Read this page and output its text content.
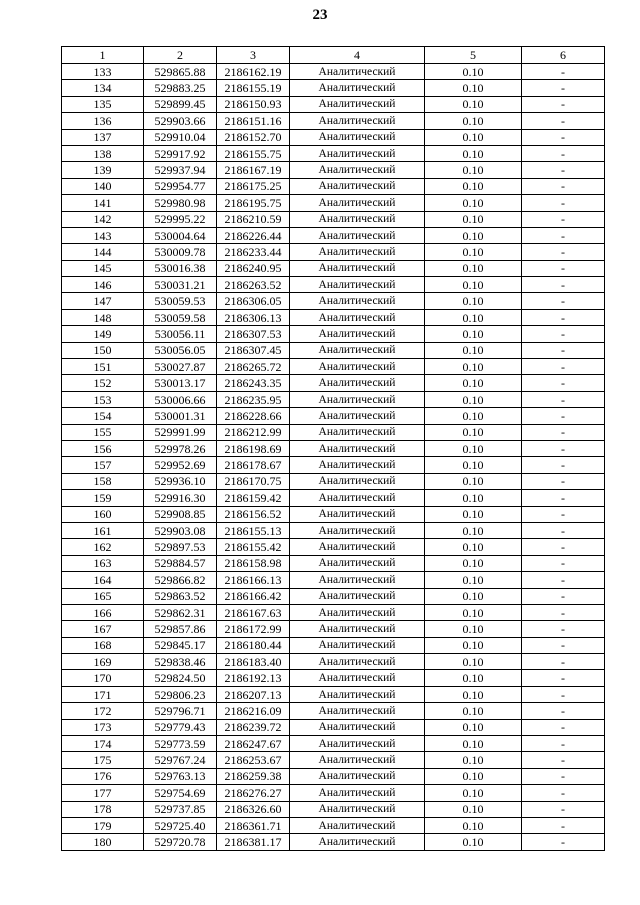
23
1	2	3	4	5	6
133	529865.88	2186162.19	Аналитический	0.10	-
134	529883.25	2186155.19	Аналитический	0.10	-
135	529899.45	2186150.93	Аналитический	0.10	-
136	529903.66	2186151.16	Аналитический	0.10	-
137	529910.04	2186152.70	Аналитический	0.10	-
138	529917.92	2186155.75	Аналитический	0.10	-
139	529937.94	2186167.19	Аналитический	0.10	-
140	529954.77	2186175.25	Аналитический	0.10	-
141	529980.98	2186195.75	Аналитический	0.10	-
142	529995.22	2186210.59	Аналитический	0.10	-
143	530004.64	2186226.44	Аналитический	0.10	-
144	530009.78	2186233.44	Аналитический	0.10	-
145	530016.38	2186240.95	Аналитический	0.10	-
146	530031.21	2186263.52	Аналитический	0.10	-
147	530059.53	2186306.05	Аналитический	0.10	-
148	530059.58	2186306.13	Аналитический	0.10	-
149	530056.11	2186307.53	Аналитический	0.10	-
150	530056.05	2186307.45	Аналитический	0.10	-
151	530027.87	2186265.72	Аналитический	0.10	-
152	530013.17	2186243.35	Аналитический	0.10	-
153	530006.66	2186235.95	Аналитический	0.10	-
154	530001.31	2186228.66	Аналитический	0.10	-
155	529991.99	2186212.99	Аналитический	0.10	-
156	529978.26	2186198.69	Аналитический	0.10	-
157	529952.69	2186178.67	Аналитический	0.10	-
158	529936.10	2186170.75	Аналитический	0.10	-
159	529916.30	2186159.42	Аналитический	0.10	-
160	529908.85	2186156.52	Аналитический	0.10	-
161	529903.08	2186155.13	Аналитический	0.10	-
162	529897.53	2186155.42	Аналитический	0.10	-
163	529884.57	2186158.98	Аналитический	0.10	-
164	529866.82	2186166.13	Аналитический	0.10	-
165	529863.52	2186166.42	Аналитический	0.10	-
166	529862.31	2186167.63	Аналитический	0.10	-
167	529857.86	2186172.99	Аналитический	0.10	-
168	529845.17	2186180.44	Аналитический	0.10	-
169	529838.46	2186183.40	Аналитический	0.10	-
170	529824.50	2186192.13	Аналитический	0.10	-
171	529806.23	2186207.13	Аналитический	0.10	-
172	529796.71	2186216.09	Аналитический	0.10	-
173	529779.43	2186239.72	Аналитический	0.10	-
174	529773.59	2186247.67	Аналитический	0.10	-
175	529767.24	2186253.67	Аналитический	0.10	-
176	529763.13	2186259.38	Аналитический	0.10	-
177	529754.69	2186276.27	Аналитический	0.10	-
178	529737.85	2186326.60	Аналитический	0.10	-
179	529725.40	2186361.71	Аналитический	0.10	-
180	529720.78	2186381.17	Аналитический	0.10	-
